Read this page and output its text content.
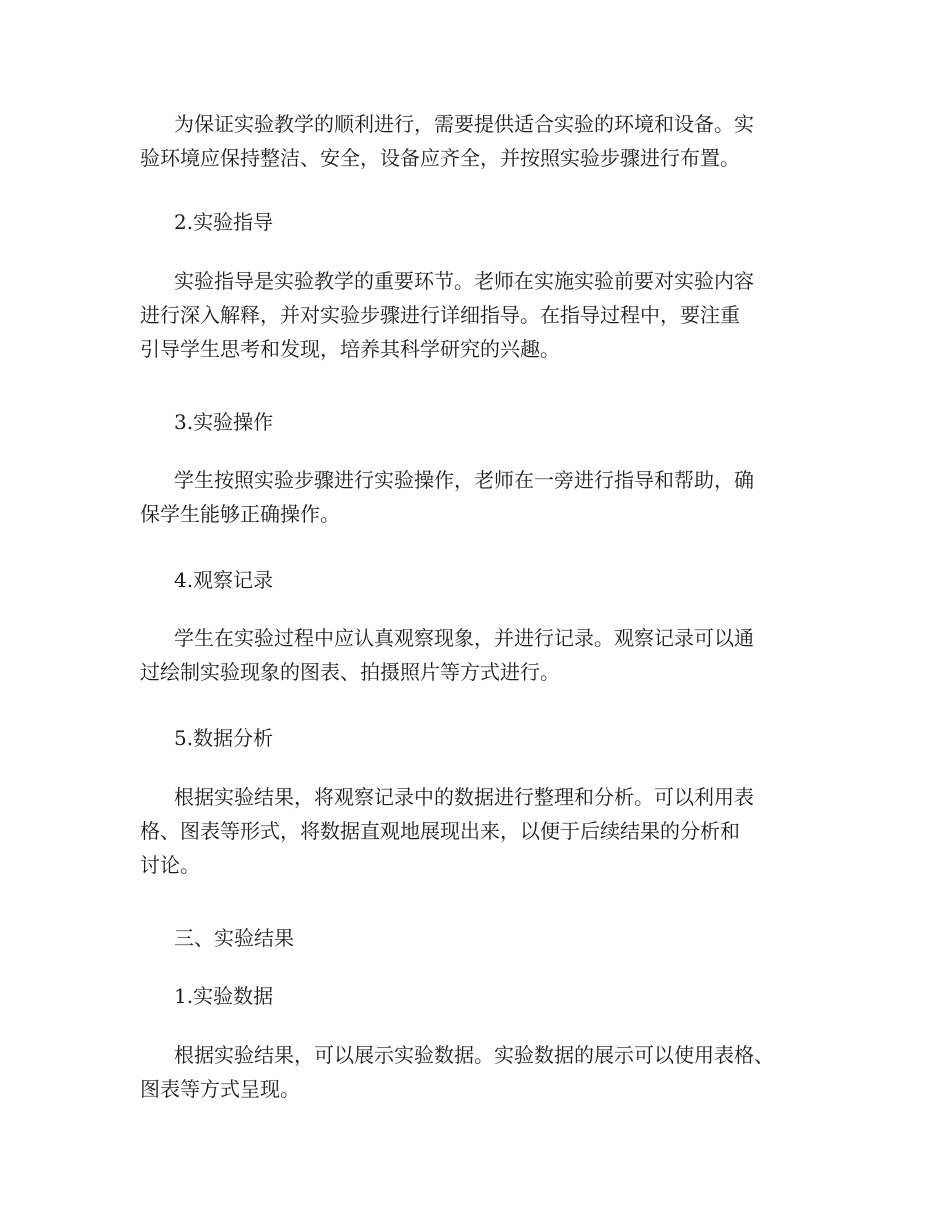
为保证实验教学的顺利进行，需要提供适合实验的环境和设备。实
验环境应保持整洁、安全，设备应齐全，并按照实验步骤进行布置。
2.实验指导
实验指导是实验教学的重要环节。老师在实施实验前要对实验内容
进行深入解释，并对实验步骤进行详细指导。在指导过程中，要注重
引导学生思考和发现，培养其科学研究的兴趣。
3.实验操作
学生按照实验步骤进行实验操作，老师在一旁进行指导和帮助，确
保学生能够正确操作。
4.观察记录
学生在实验过程中应认真观察现象，并进行记录。观察记录可以通
过绘制实验现象的图表、拍摄照片等方式进行。
5.数据分析
根据实验结果，将观察记录中的数据进行整理和分析。可以利用表
格、图表等形式，将数据直观地展现出来，以便于后续结果的分析和
讨论。
三、实验结果
1.实验数据
根据实验结果，可以展示实验数据。实验数据的展示可以使用表格、
图表等方式呈现。
